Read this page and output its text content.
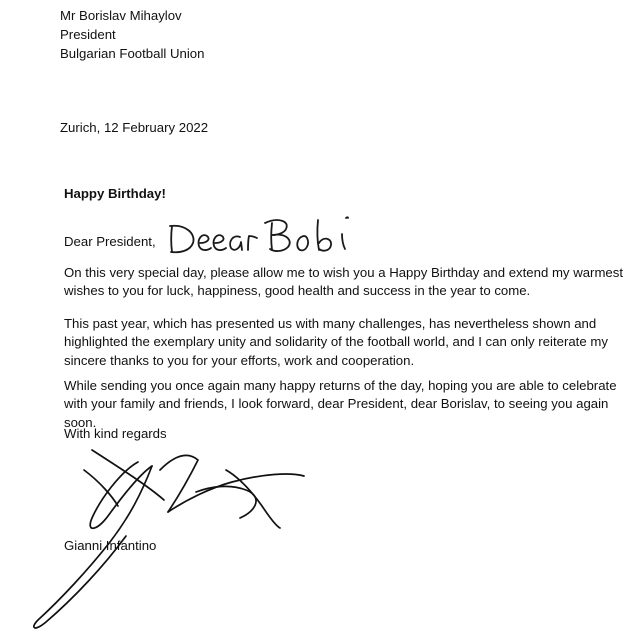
Mr Borislav Mihaylov
President
Bulgarian Football Union
Zurich, 12 February 2022
Happy Birthday!
Dear President,
On this very special day, please allow me to wish you a Happy Birthday and extend my warmest wishes to you for luck, happiness, good health and success in the year to come.
This past year, which has presented us with many challenges, has nevertheless shown and highlighted the exemplary unity and solidarity of the football world, and I can only reiterate my sincere thanks to you for your efforts, work and cooperation.
While sending you once again many happy returns of the day, hoping you are able to celebrate with your family and friends, I look forward, dear President, dear Borislav, to seeing you again soon.
With kind regards
Gianni Infantino
